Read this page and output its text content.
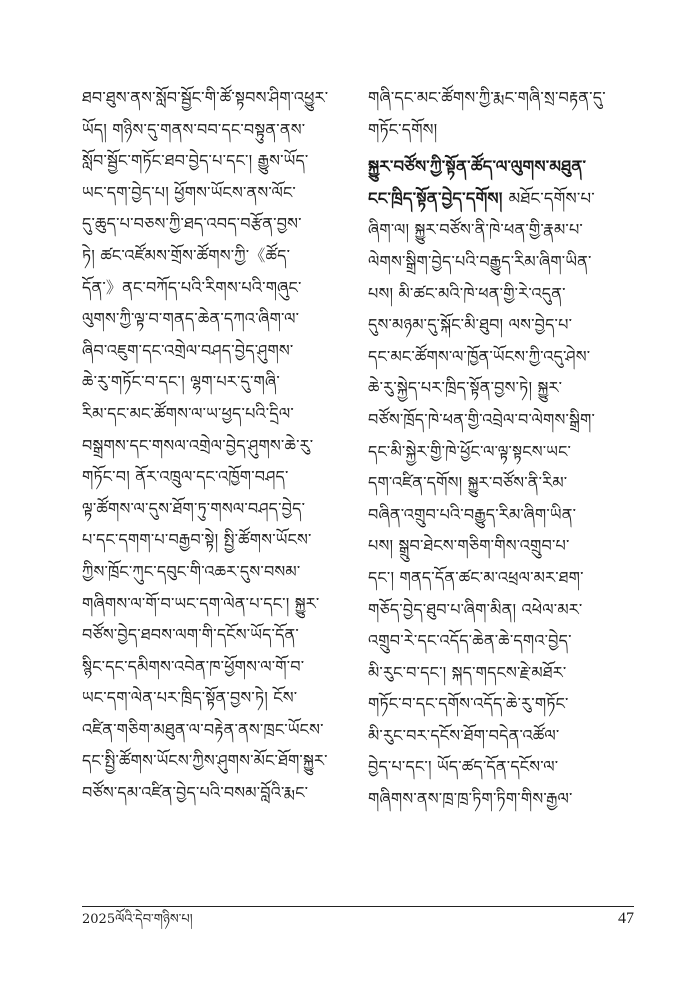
ཐབ་ཐུས་ནས་སློབ་སྦྱོང་གི་ཚོ་སྟབས་ཤིག་འཕྱུར་
ཡོད། གཉིས་དུ་གནས་བབ་དང་བསྟུན་ནས་
སློབ་སྦྱོང་གཏོང་ཐབ་བྱེད་པ་དང་། རྒྱུས་ཡོད་
ཡང་དག་བྱེད་པ། ཕྱོགས་ཡོངས་ནས་ལོང་
དུ་ཆུད་པ་བཅས་ཀྱི་ཐད་འབད་བརྩོན་བྱས་
ཏེ། ཚང་འཛོམས་གྲོས་ཚོགས་ཀྱི་《ཚོད་
དོན་》ནང་བཀོད་པའི་རིགས་པའི་གཞུང་
ལུགས་ཀྱི་ལྟ་བ་གནད་ཆེན་དཀའ་ཞིག་ལ་
ཞིབ་འཇུག་དང་འགྲེལ་བཤད་བྱེད་ཤུགས་
ཆེ་རུ་གཏོང་བ་དང་། ལྷག་པར་དུ་གཞི་
རིམ་དང་མང་ཚོགས་ལ་ཡ་ཕྱད་པའི་དྲིལ་
བསྒྲགས་དང་གསལ་འགྲེལ་བྱེད་ཤུགས་ཆེ་རུ་
གཏོང་བ། ནོར་འཁྲུལ་དང་འཁྱོག་བཤད་
ལྟ་ཚོགས་ལ་དུས་ཐོག་ཏུ་གསལ་བཤད་བྱེད་
པ་དང་དགག་པ་བརྒྱབ་སྟེ། སྤྱི་ཚོགས་ཡོངས་
ཀྱིས་ཁྲོང་ཀུང་དབུང་གི་འཆར་དུས་བསམ་
གཞིགས་ལ་གོ་བ་ཡང་དག་ལེན་པ་དང་། སྐྱུར་
བཙོས་བྱེད་ཐབས་ལག་གི་དངོས་ཡོད་དོན་
སྙིང་དང་དམིགས་འབེན་ཁ་ཕྱོགས་ལ་གོ་བ་
ཡང་དག་ལེན་པར་ཁྲིད་སྟོན་བྱས་ཏེ། ངོས་
འཛིན་གཅིག་མཐུན་ལ་བརྟེན་ནས་ཁྲང་ཡོངས་
དང་སྤྱི་ཚོགས་ཡོངས་ཀྱིས་ཤུགས་མོང་ཐོག་སྐྱུར་
བཙོས་དམ་འཛིན་བྱེད་པའི་བསམ་བློའི་རྨང་
གཞི་དང་མང་ཚོགས་ཀྱི་རྨང་གཞི་སྲ་བརྟན་དུ་
གཏོང་དགོས།
སྐྱུར་བཙོས་ཀྱི་སྟོན་ཚོད་ལ་ལུགས་མཐུན་
ངང་ཁྲིད་སྟོན་བྱེད་དགོས། མཐོང་དགོས་པ་
ཞིག་ལ། སྐྱུར་བཙོས་ནི་ཁེ་ཕན་གྱི་རྣམ་པ་
ལེགས་སྒྲིག་བྱེད་པའི་བརྒྱུད་རིམ་ཞིག་ཡིན་
པས། མི་ཚང་མའི་ཁེ་ཕན་གྱི་རེ་འདུན་
དུས་མཉམ་དུ་སྐོང་མི་ཐུབ། ལས་བྱེད་པ་
དང་མང་ཚོགས་ལ་ཁྱོན་ཡོངས་ཀྱི་འདུ་ཤེས་
ཆེ་རུ་སྐྱེད་པར་ཁྲིད་སྟོན་བྱས་ཏེ། སྐྱུར་
བཙོས་ཁྲོད་ཁེ་ཕན་གྱི་འབྲེལ་བ་ལེགས་སྒྲིག་
དང་མི་སྐྱེར་གྱི་ཁེ་ཕྱོང་ལ་ལྟ་སྟངས་ཡང་
དག་འཛིན་དགོས། སྐྱུར་བཙོས་ནི་རིམ་
བཞིན་འགྲུབ་པའི་བརྒྱུད་རིམ་ཞིག་ཡིན་
པས། སྒྲུབ་ཐེངས་གཅིག་གིས་འགྲུབ་པ་
དང་། གནད་དོན་ཚང་མ་འཕྲལ་མར་ཐག་
གཅོད་བྱེད་ཐུབ་པ་ཞིག་མིན། འཕེལ་མར་
འགྲུབ་རེ་དང་འདོད་ཆེན་ཆེ་དགའ་བྱེད་
མི་རུང་བ་དང་། སྐད་གདངས་རྗེ་མཐོར་
གཏོང་བ་དང་དགོས་འདོད་ཆེ་རུ་གཏོང་
མི་རུང་བར་དངོས་ཐོག་བདེན་འཚོལ་
བྱེད་པ་དང་། ཡོད་ཚད་དོན་དངོས་ལ་
གཞིགས་ནས་ཁྲ་ཁྲ་ཏིག་ཏིག་གིས་རྒྱལ་
2025ལོའི་དེབ་གཉིས་པ།	47
